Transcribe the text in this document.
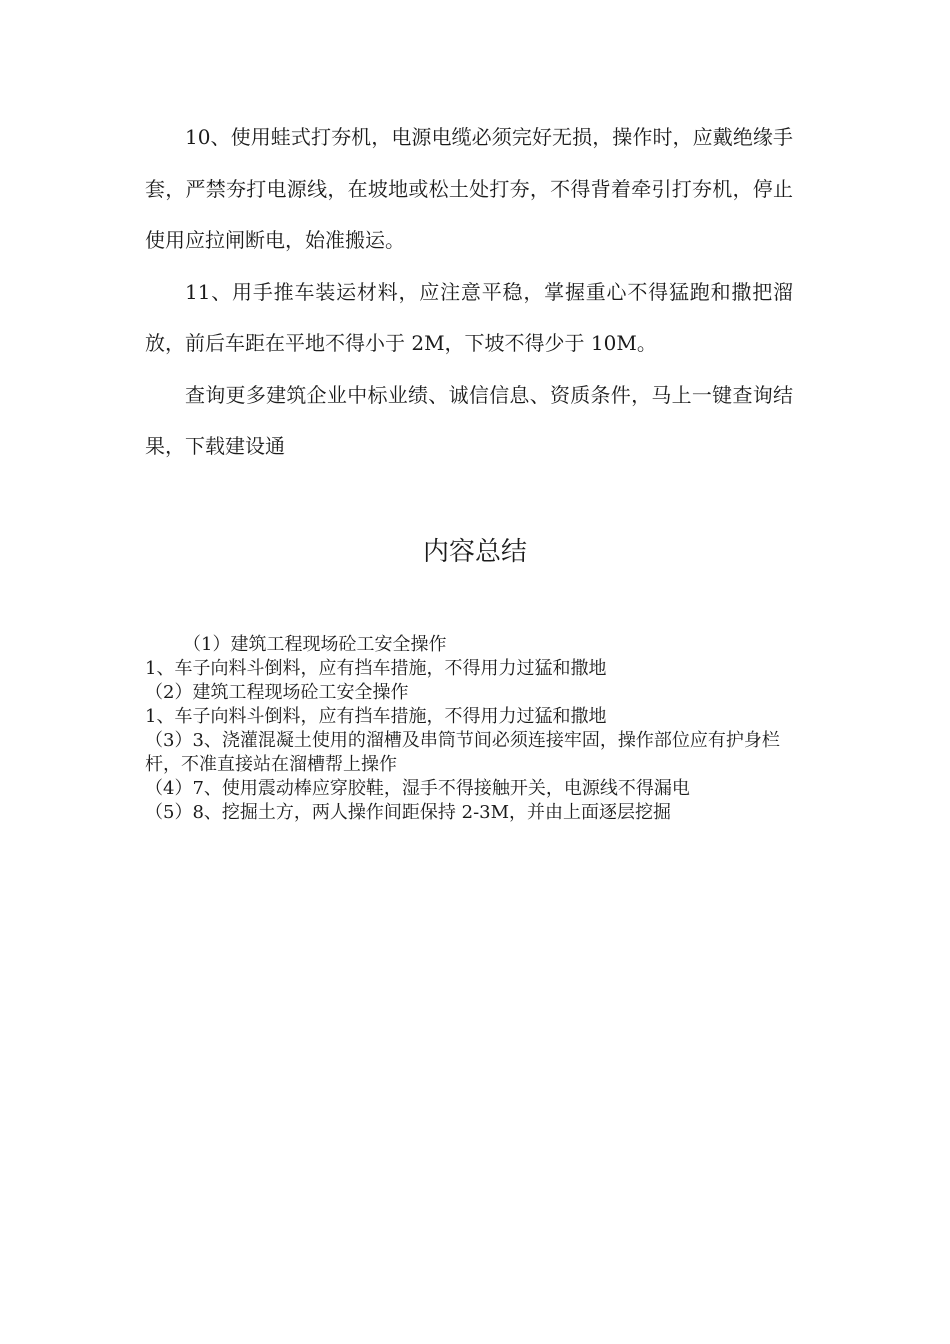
10、使用蛙式打夯机，电源电缆必须完好无损，操作时，应戴绝缘手套，严禁夯打电源线，在坡地或松土处打夯，不得背着牵引打夯机，停止使用应拉闸断电，始准搬运。

11、用手推车装运材料，应注意平稳，掌握重心不得猛跑和撒把溜放，前后车距在平地不得小于 2M，下坡不得少于 10M。

查询更多建筑企业中标业绩、诚信信息、资质条件，马上一键查询结果，下载建设通

内容总结

（1）建筑工程现场砼工安全操作

1、车子向料斗倒料，应有挡车措施，不得用力过猛和撒地

（2）建筑工程现场砼工安全操作

1、车子向料斗倒料，应有挡车措施，不得用力过猛和撒地

（3）3、浇灌混凝土使用的溜槽及串筒节间必须连接牢固，操作部位应有护身栏杆，不准直接站在溜槽帮上操作

（4）7、使用震动棒应穿胶鞋，湿手不得接触开关，电源线不得漏电

（5）8、挖掘土方，两人操作间距保持 2-3M，并由上面逐层挖掘
